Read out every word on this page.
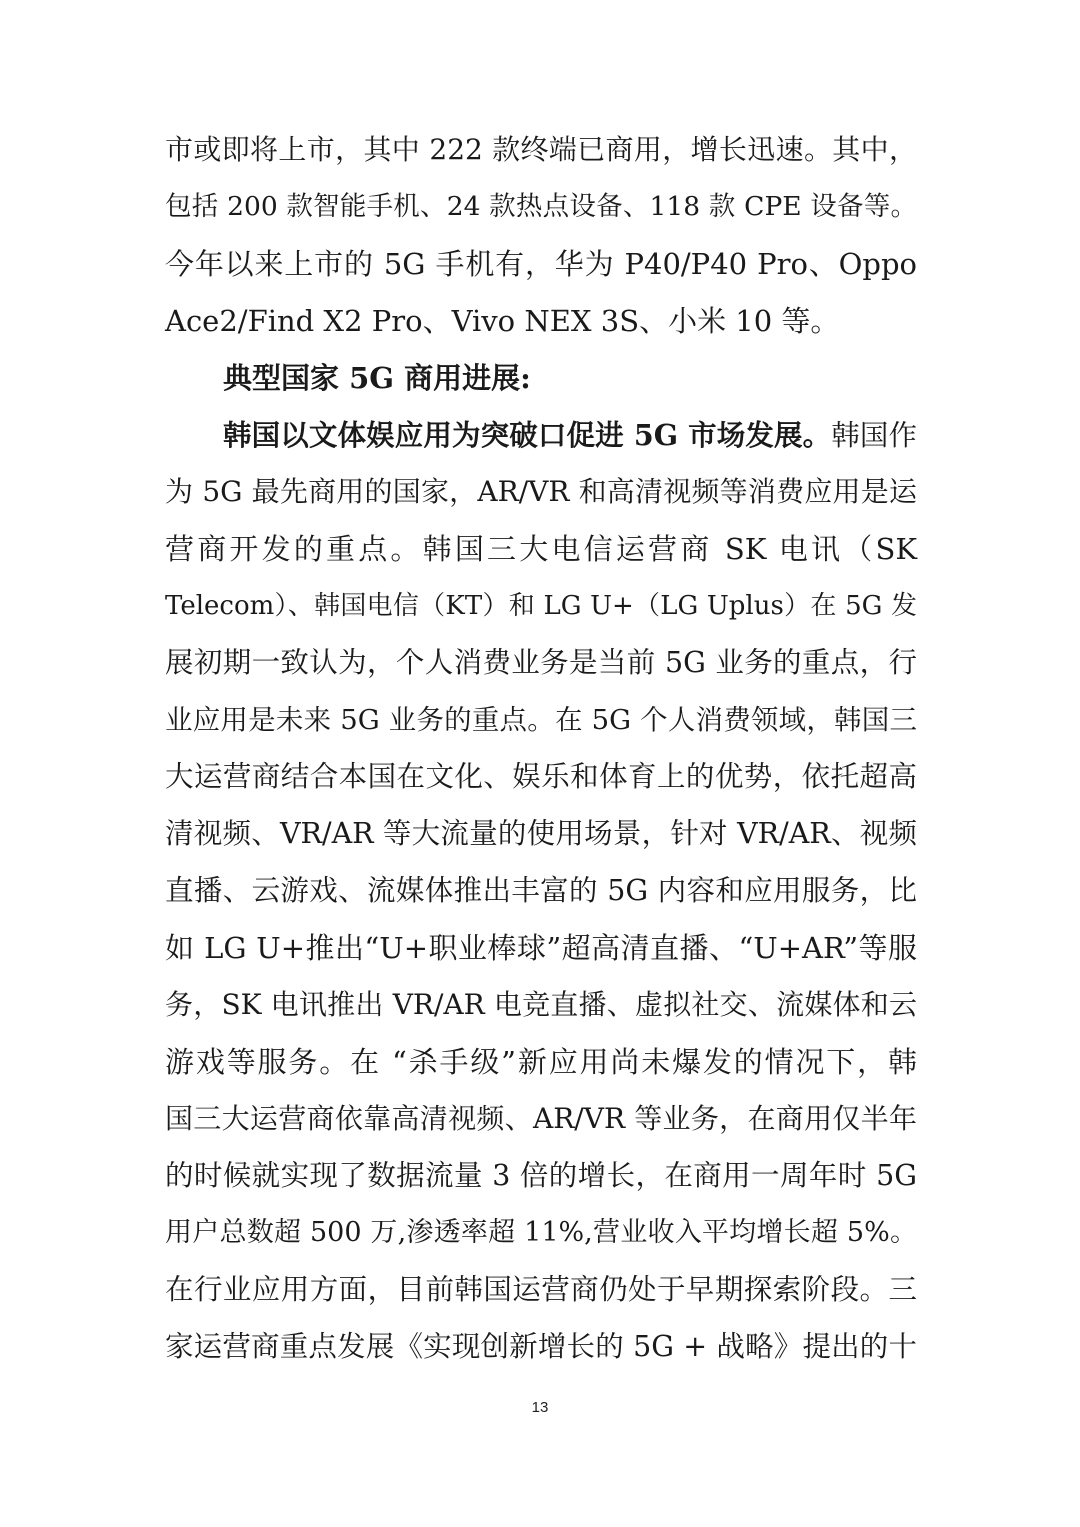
市或即将上市，其中 222 款终端已商用，增长迅速。其中，
包括 200 款智能手机、24 款热点设备、118 款 CPE 设备等。
今年以来上市的 5G 手机有，华为 P40/P40 Pro、Oppo
Ace2/Find X2 Pro、Vivo NEX 3S、小米 10 等。
典型国家 5G 商用进展:
韩国以文体娱应用为突破口促进 5G 市场发展。韩国作
为 5G 最先商用的国家，AR/VR 和高清视频等消费应用是运
营商开发的重点。韩国三大电信运营商 SK 电讯（SK
Telecom）、韩国电信（KT）和 LG U+（LG Uplus）在 5G 发
展初期一致认为，个人消费业务是当前 5G 业务的重点，行
业应用是未来 5G 业务的重点。在 5G 个人消费领域，韩国三
大运营商结合本国在文化、娱乐和体育上的优势，依托超高
清视频、VR/AR 等大流量的使用场景，针对 VR/AR、视频
直播、云游戏、流媒体推出丰富的 5G 内容和应用服务，比
如 LG U+推出“U+职业棒球”超高清直播、“U+AR”等服
务，SK 电讯推出 VR/AR 电竞直播、虚拟社交、流媒体和云
游戏等服务。在 “杀手级”新应用尚未爆发的情况下，韩
国三大运营商依靠高清视频、AR/VR 等业务，在商用仅半年
的时候就实现了数据流量 3 倍的增长，在商用一周年时 5G
用户总数超 500 万,渗透率超 11%,营业收入平均增长超 5%。
在行业应用方面，目前韩国运营商仍处于早期探索阶段。三
家运营商重点发展《实现创新增长的 5G + 战略》提出的十
13
